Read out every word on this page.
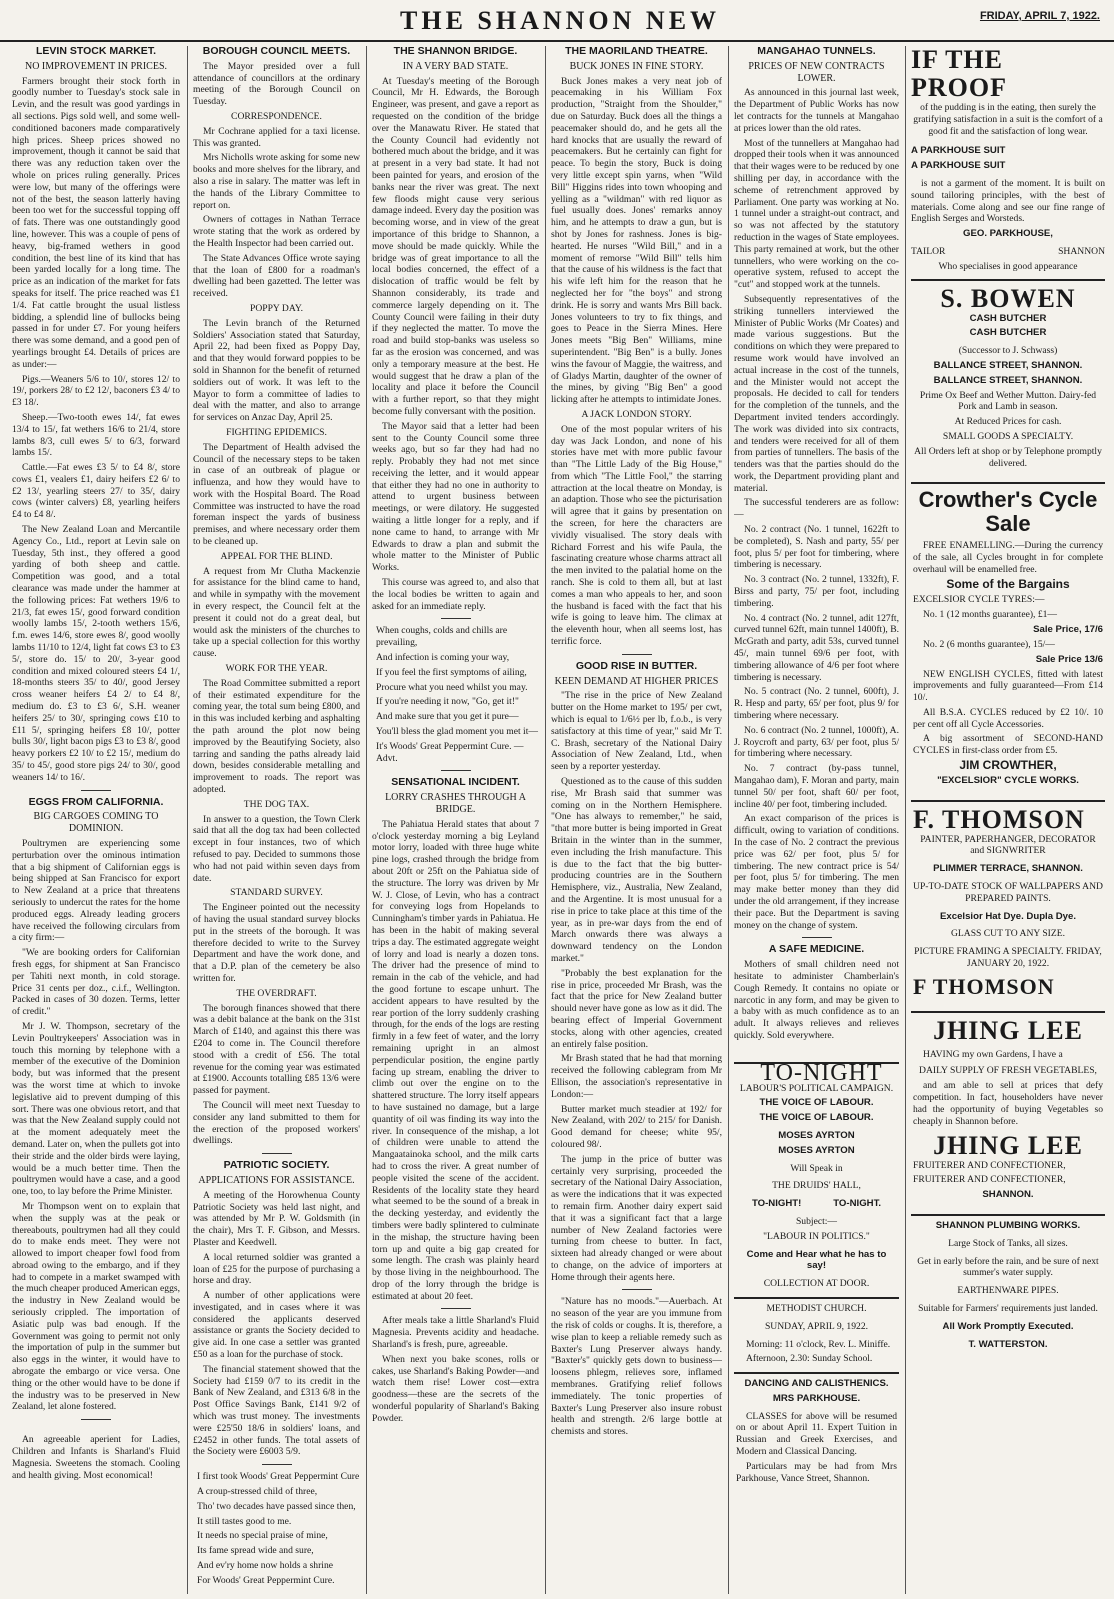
THE SHANNON NEW	FRIDAY, APRIL 7, 1922.

LEVIN STOCK MARKET.

NO IMPROVEMENT IN PRICES.

Farmers brought their stock forth in goodly number to Tuesday's stock sale in Levin, and the result was good yardings in all sections. Pigs sold well, and some well-conditioned baconers made comparatively high prices. Sheep prices showed no improvement, though it cannot be said that there was any reduction taken over the whole on prices ruling generally. Prices were low, but many of the offerings were not of the best, the season latterly having been too wet for the successful topping off of fats. There was one outstandingly good line, however. This was a couple of pens of heavy, big-framed wethers in good condition, the best line of its kind that has been yarded locally for a long time. The price as an indication of the market for fats speaks for itself. The price reached was £1 1/4. Fat cattle brought the usual listless bidding, a splendid line of bullocks being passed in for under £7. For young heifers there was some demand, and a good pen of yearlings brought £4. Details of prices are as under:—

Pigs.—Weaners 5/6 to 10/, stores 12/ to 19/, porkers 28/ to £2 12/, baconers £3 4/ to £3 18/.

Sheep.—Two-tooth ewes 14/, fat ewes 13/4 to 15/, fat wethers 16/6 to 21/4, store lambs 8/3, cull ewes 5/ to 6/3, forward lambs 15/.

Cattle.—Fat ewes £3 5/ to £4 8/, store cows £1, vealers £1, dairy heifers £2 6/ to £2 13/, yearling steers 27/ to 35/, dairy cows (winter calvers) £8, yearling heifers £4 to £4 8/.

The New Zealand Loan and Mercantile Agency Co., Ltd., report at Levin sale on Tuesday, 5th inst., they offered a good yarding of both sheep and cattle. Competition was good, and a total clearance was made under the hammer at the following prices: Fat wethers 19/6 to 21/3, fat ewes 15/, good forward condition woolly lambs 15/, 2-tooth wethers 15/6, f.m. ewes 14/6, store ewes 8/, good woolly lambs 11/10 to 12/4, light fat cows £3 to £3 5/, store do. 15/ to 20/, 3-year good condition and mixed coloured steers £4 1/, 18-months steers 35/ to 40/, good Jersey cross weaner heifers £4 2/ to £4 8/, medium do. £3 to £3 6/, S.H. weaner heifers 25/ to 30/, springing cows £10 to £11 5/, springing heifers £8 10/, potter bulls 30/, light bacon pigs £3 to £3 8/, good heavy porkers £2 10/ to £2 15/, medium do 35/ to 45/, good store pigs 24/ to 30/, good weaners 14/ to 16/.

EGGS FROM CALIFORNIA.

BIG CARGOES COMING TO DOMINION.

Poultrymen are experiencing some perturbation over the ominous intimation that a big shipment of Californian eggs is being shipped at San Francisco for export to New Zealand at a price that threatens seriously to undercut the rates for the home produced eggs. Already leading grocers have received the following circulars from a city firm:—

"We are booking orders for Californian fresh eggs, for shipment at San Francisco per Tahiti next month, in cold storage. Price 31 cents per doz., c.i.f., Wellington. Packed in cases of 30 dozen. Terms, letter of credit."

Mr J. W. Thompson, secretary of the Levin Poultrykeepers' Association was in touch this morning by telephone with a member of the executive of the Dominion body, but was informed that the present was the worst time at which to invoke legislative aid to prevent dumping of this sort. There was one obvious retort, and that was that the New Zealand supply could not at the moment adequately meet the demand. Later on, when the pullets got into their stride and the older birds were laying, would be a much better time. Then the poultrymen would have a case, and a good one, too, to lay before the Prime Minister.

Mr Thompson went on to explain that when the supply was at the peak or thereabouts, poultrymen had all they could do to make ends meet. They were not allowed to import cheaper fowl food from abroad owing to the embargo, and if they had to compete in a market swamped with the much cheaper produced American eggs, the industry in New Zealand would be seriously crippled. The importation of Asiatic pulp was bad enough. If the Government was going to permit not only the importation of pulp in the summer but also eggs in the winter, it would have to abrogate the embargo or vice versa. One thing or the other would have to be done if the industry was to be preserved in New Zealand, let alone fostered.

An agreeable aperient for Ladies, Children and Infants is Sharland's Fluid Magnesia. Sweetens the stomach. Cooling and health giving. Most economical!

BOROUGH COUNCIL MEETS.

The Mayor presided over a full attendance of councillors at the ordinary meeting of the Borough Council on Tuesday.

CORRESPONDENCE.

Mr Cochrane applied for a taxi license. This was granted.

Mrs Nicholls wrote asking for some new books and more shelves for the library, and also a rise in salary. The matter was left in the hands of the Library Committee to report on.

Owners of cottages in Nathan Terrace wrote stating that the work as ordered by the Health Inspector had been carried out.

The State Advances Office wrote saying that the loan of £800 for a roadman's dwelling had been gazetted. The letter was received.

POPPY DAY.

The Levin branch of the Returned Soldiers' Association stated that Saturday, April 22, had been fixed as Poppy Day, and that they would forward poppies to be sold in Shannon for the benefit of returned soldiers out of work. It was left to the Mayor to form a committee of ladies to deal with the matter, and also to arrange for services on Anzac Day, April 25.

FIGHTING EPIDEMICS.

The Department of Health advised the Council of the necessary steps to be taken in case of an outbreak of plague or influenza, and how they would have to work with the Hospital Board. The Road Committee was instructed to have the road foreman inspect the yards of business premises, and where necessary order them to be cleaned up.

APPEAL FOR THE BLIND.

A request from Mr Clutha Mackenzie for assistance for the blind came to hand, and while in sympathy with the movement in every respect, the Council felt at the present it could not do a great deal, but would ask the ministers of the churches to take up a special collection for this worthy cause.

WORK FOR THE YEAR.

The Road Committee submitted a report of their estimated expenditure for the coming year, the total sum being £800, and in this was included kerbing and asphalting the path around the plot now being improved by the Beautifying Society, also tarring and sanding the paths already laid down, besides considerable metalling and improvement to roads. The report was adopted.

THE DOG TAX.

In answer to a question, the Town Clerk said that all the dog tax had been collected except in four instances, two of which refused to pay. Decided to summons those who had not paid within seven days from date.

STANDARD SURVEY.

The Engineer pointed out the necessity of having the usual standard survey blocks put in the streets of the borough. It was therefore decided to write to the Survey Department and have the work done, and that a D.P. plan of the cemetery be also written for.

THE OVERDRAFT.

The borough finances showed that there was a debit balance at the bank on the 31st March of £140, and against this there was £204 to come in. The Council therefore stood with a credit of £56. The total revenue for the coming year was estimated at £1900. Accounts totalling £85 13/6 were passed for payment.

The Council will meet next Tuesday to consider any land submitted to them for the erection of the proposed workers' dwellings.

PATRIOTIC SOCIETY.

APPLICATIONS FOR ASSISTANCE.

A meeting of the Horowhenua County Patriotic Society was held last night, and was attended by Mr P. W. Goldsmith (in the chair), Mrs T. F. Gibson, and Messrs. Plaster and Keedwell.

A local returned soldier was granted a loan of £25 for the purpose of purchasing a horse and dray.

A number of other applications were investigated, and in cases where it was considered the applicants deserved assistance or grants the Society decided to give aid. In one case a settler was granted £50 as a loan for the purchase of stock.

The financial statement showed that the Society had £159 0/7 to its credit in the Bank of New Zealand, and £313 6/8 in the Post Office Savings Bank, £141 9/2 of which was trust money. The investments were £25'50 18/6 in soldiers' loans, and £2452 in other funds. The total assets of the Society were £6003 5/9.

I first took Woods' Great Peppermint Cure

A croup-stressed child of three,

Tho' two decades have passed since then,

It still tastes good to me.

It needs no special praise of mine,

Its fame spread wide and sure,

And ev'ry home now holds a shrine

For Woods' Great Peppermint Cure.

THE SHANNON BRIDGE.

IN A VERY BAD STATE.

At Tuesday's meeting of the Borough Council, Mr H. Edwards, the Borough Engineer, was present, and gave a report as requested on the condition of the bridge over the Manawatu River. He stated that the County Council had evidently not bothered much about the bridge, and it was at present in a very bad state. It had not been painted for years, and erosion of the banks near the river was great. The next few floods might cause very serious damage indeed. Every day the position was becoming worse, and in view of the great importance of this bridge to Shannon, a move should be made quickly. While the bridge was of great importance to all the local bodies concerned, the effect of a dislocation of traffic would be felt by Shannon considerably, its trade and commerce largely depending on it. The County Council were failing in their duty if they neglected the matter. To move the road and build stop-banks was useless so far as the erosion was concerned, and was only a temporary measure at the best. He would suggest that he draw a plan of the locality and place it before the Council with a further report, so that they might become fully conversant with the position.

The Mayor said that a letter had been sent to the County Council some three weeks ago, but so far they had had no reply. Probably they had not met since receiving the letter, and it would appear that either they had no one in authority to attend to urgent business between meetings, or were dilatory. He suggested waiting a little longer for a reply, and if none came to hand, to arrange with Mr Edwards to draw a plan and submit the whole matter to the Minister of Public Works.

This course was agreed to, and also that the local bodies be written to again and asked for an immediate reply.

When coughs, colds and chills are prevailing,

And infection is coming your way,

If you feel the first symptoms of ailing,

Procure what you need whilst you may.

If you're needing it now, "Go, get it!"

And make sure that you get it pure—

You'll bless the glad moment you met it—

It's Woods' Great Peppermint Cure. —Advt.

SENSATIONAL INCIDENT.

LORRY CRASHES THROUGH A BRIDGE.

The Pahiatua Herald states that about 7 o'clock yesterday morning a big Leyland motor lorry, loaded with three huge white pine logs, crashed through the bridge from about 20ft or 25ft on the Pahiatua side of the structure. The lorry was driven by Mr W. J. Close, of Levin, who has a contract for conveying logs from Hopelands to Cunningham's timber yards in Pahiatua. He has been in the habit of making several trips a day. The estimated aggregate weight of lorry and load is nearly a dozen tons. The driver had the presence of mind to remain in the cab of the vehicle, and had the good fortune to escape unhurt. The accident appears to have resulted by the rear portion of the lorry suddenly crashing through, for the ends of the logs are resting firmly in a few feet of water, and the lorry remaining upright in an almost perpendicular position, the engine partly facing up stream, enabling the driver to climb out over the engine on to the shattered structure. The lorry itself appears to have sustained no damage, but a large quantity of oil was finding its way into the river. In consequence of the mishap, a lot of children were unable to attend the Mangaatainoka school, and the milk carts had to cross the river. A great number of people visited the scene of the accident. Residents of the locality state they heard what seemed to be the sound of a break in the decking yesterday, and evidently the timbers were badly splintered to culminate in the mishap, the structure having been torn up and quite a big gap created for some length. The crash was plainly heard by those living in the neighbourhood. The drop of the lorry through the bridge is estimated at about 20 feet.

After meals take a little Sharland's Fluid Magnesia. Prevents acidity and headache. Sharland's is fresh, pure, agreeable.

When next you bake scones, rolls or cakes, use Sharland's Baking Powder—and watch them rise! Lower cost—extra goodness—these are the secrets of the wonderful popularity of Sharland's Baking Powder.

THE MAORILAND THEATRE.

BUCK JONES IN FINE STORY.

Buck Jones makes a very neat job of peacemaking in his William Fox production, "Straight from the Shoulder," due on Saturday. Buck does all the things a peacemaker should do, and he gets all the hard knocks that are usually the reward of peacemakers. But he certainly can fight for peace. To begin the story, Buck is doing very little except spin yarns, when "Wild Bill" Higgins rides into town whooping and yelling as a "wildman" with red liquor as fuel usually does. Jones' remarks annoy him, and he attempts to draw a gun, but is shot by Jones for rashness. Jones is big-hearted. He nurses "Wild Bill," and in a moment of remorse "Wild Bill" tells him that the cause of his wildness is the fact that his wife left him for the reason that he neglected her for "the boys" and strong drink. He is sorry and wants Mrs Bill back. Jones volunteers to try to fix things, and goes to Peace in the Sierra Mines. Here Jones meets "Big Ben" Williams, mine superintendent. "Big Ben" is a bully. Jones wins the favour of Maggie, the waitress, and of Gladys Martin, daughter of the owner of the mines, by giving "Big Ben" a good licking after he attempts to intimidate Jones.

A JACK LONDON STORY.

One of the most popular writers of his day was Jack London, and none of his stories have met with more public favour than "The Little Lady of the Big House," from which "The Little Fool," the starring attraction at the local theatre on Monday, is an adaption. Those who see the picturisation will agree that it gains by presentation on the screen, for here the characters are vividly visualised. The story deals with Richard Forrest and his wife Paula, the fascinating creature whose charms attract all the men invited to the palatial home on the ranch. She is cold to them all, but at last comes a man who appeals to her, and soon the husband is faced with the fact that his wife is going to leave him. The climax at the eleventh hour, when all seems lost, has terrific force.

GOOD RISE IN BUTTER.

KEEN DEMAND AT HIGHER PRICES

"The rise in the price of New Zealand butter on the Home market to 195/ per cwt, which is equal to 1/6½ per lb, f.o.b., is very satisfactory at this time of year," said Mr T. C. Brash, secretary of the National Dairy Association of New Zealand, Ltd., when seen by a reporter yesterday.

Questioned as to the cause of this sudden rise, Mr Brash said that summer was coming on in the Northern Hemisphere. "One has always to remember," he said, "that more butter is being imported in Great Britain in the winter than in the summer, even including the Irish manufacture. This is due to the fact that the big butter-producing countries are in the Southern Hemisphere, viz., Australia, New Zealand, and the Argentine. It is most unusual for a rise in price to take place at this time of the year, as in pre-war days from the end of March onwards there was always a downward tendency on the London market."

"Probably the best explanation for the rise in price, proceeded Mr Brash, was the fact that the price for New Zealand butter should never have gone as low as it did. The bearing effect of Imperial Government stocks, along with other agencies, created an entirely false position.

Mr Brash stated that he had that morning received the following cablegram from Mr Ellison, the association's representative in London:—

Butter market much steadier at 192/ for New Zealand, with 202/ to 215/ for Danish. Good demand for cheese; white 95/, coloured 98/.

The jump in the price of butter was certainly very surprising, proceeded the secretary of the National Dairy Association, as were the indications that it was expected to remain firm. Another dairy expert said that it was a significant fact that a large number of New Zealand factories were turning from cheese to butter. In fact, sixteen had already changed or were about to change, on the advice of importers at Home through their agents here.

"Nature has no moods."—Auerbach. At no season of the year are you immune from the risk of colds or coughs. It is, therefore, a wise plan to keep a reliable remedy such as Baxter's Lung Preserver always handy. "Baxter's" quickly gets down to business—loosens phlegm, relieves sore, inflamed membranes. Gratifying relief follows immediately. The tonic properties of Baxter's Lung Preserver also insure robust health and strength. 2/6 large bottle at chemists and stores.

MANGAHAO TUNNELS.

PRICES OF NEW CONTRACTS LOWER.

As announced in this journal last week, the Department of Public Works has now let contracts for the tunnels at Mangahao at prices lower than the old rates.

Most of the tunnellers at Mangahao had dropped their tools when it was announced that their wages were to be reduced by one shilling per day, in accordance with the scheme of retrenchment approved by Parliament. One party was working at No. 1 tunnel under a straight-out contract, and so was not affected by the statutory reduction in the wages of State employees. This party remained at work, but the other tunnellers, who were working on the co-operative system, refused to accept the "cut" and stopped work at the tunnels.

Subsequently representatives of the striking tunnellers interviewed the Minister of Public Works (Mr Coates) and made various suggestions. But the conditions on which they were prepared to resume work would have involved an actual increase in the cost of the tunnels, and the Minister would not accept the proposals. He decided to call for tenders for the completion of the tunnels, and the Department invited tenders accordingly. The work was divided into six contracts, and tenders were received for all of them from parties of tunnellers. The basis of the tenders was that the parties should do the work, the Department providing plant and material.

The successful tenderers are as follow:—

No. 2 contract (No. 1 tunnel, 1622ft to be completed), S. Nash and party, 55/ per foot, plus 5/ per foot for timbering, where timbering is necessary.

No. 3 contract (No. 2 tunnel, 1332ft), F. Birss and party, 75/ per foot, including timbering.

No. 4 contract (No. 2 tunnel, adit 127ft, curved tunnel 62ft, main tunnel 1400ft), B. McGrath and party, adit 53s, curved tunnel 45/, main tunnel 69/6 per foot, with timbering allowance of 4/6 per foot where timbering is necessary.

No. 5 contract (No. 2 tunnel, 600ft), J. R. Hesp and party, 65/ per foot, plus 9/ for timbering where necessary.

No. 6 contract (No. 2 tunnel, 1000ft), A. J. Roycroft and party, 63/ per foot, plus 5/ for timbering where necessary.

No. 7 contract (by-pass tunnel, Mangahao dam), F. Moran and party, main tunnel 50/ per foot, shaft 60/ per foot, incline 40/ per foot, timbering included.

An exact comparison of the prices is difficult, owing to variation of conditions. In the case of No. 2 contract the previous price was 62/ per foot, plus 5/ for timbering. The new contract price is 54/ per foot, plus 5/ for timbering. The men may make better money than they did under the old arrangement, if they increase their pace. But the Department is saving money on the change of system.

A SAFE MEDICINE.

Mothers of small children need not hesitate to administer Chamberlain's Cough Remedy. It contains no opiate or narcotic in any form, and may be given to a baby with as much confidence as to an adult. It always relieves and relieves quickly. Sold everywhere.

TO-NIGHT

LABOUR'S POLITICAL CAMPAIGN.

THE VOICE OF LABOUR.

THE VOICE OF LABOUR.

MOSES AYRTON

MOSES AYRTON

Will Speak in

THE DRUIDS' HALL,

TO-NIGHT!	TO-NIGHT.

Subject:—

"LABOUR IN POLITICS."

Come and Hear what he has to say!

COLLECTION AT DOOR.

METHODIST CHURCH.

SUNDAY, APRIL 9, 1922.

Morning: 11 o'clock, Rev. L. Miniffe.

Afternoon, 2.30: Sunday School.

DANCING AND CALISTHENICS.

MRS PARKHOUSE.

CLASSES for above will be resumed on or about April 11. Expert Tuition in Russian and Greek Exercises, and Modern and Classical Dancing.

Particulars may be had from Mrs Parkhouse, Vance Street, Shannon.

IF THE PROOF

of the pudding is in the eating, then surely the gratifying satisfaction in a suit is the comfort of a good fit and the satisfaction of long wear.

A PARKHOUSE SUIT

A PARKHOUSE SUIT

is not a garment of the moment. It is built on sound tailoring principles, with the best of materials. Come along and see our fine range of English Serges and Worsteds.

GEO. PARKHOUSE,

TAILOR	SHANNON

Who specialises in good appearance

S. BOWEN

CASH BUTCHER

CASH BUTCHER

(Successor to J. Schwass)

BALLANCE STREET, SHANNON.

BALLANCE STREET, SHANNON.

Prime Ox Beef and Wether Mutton. Dairy-fed Pork and Lamb in season.

At Reduced Prices for cash.

SMALL GOODS A SPECIALTY.

All Orders left at shop or by Telephone promptly delivered.

Crowther's Cycle Sale

FREE ENAMELLING.—During the currency of the sale, all Cycles brought in for complete overhaul will be enamelled free.

Some of the Bargains

EXCELSIOR CYCLE TYRES:—

No. 1 (12 months guarantee), £1—

Sale Price, 17/6

No. 2 (6 months guarantee), 15/—

Sale Price 13/6

NEW ENGLISH CYCLES, fitted with latest improvements and fully guaranteed—From £14 10/.

All B.S.A. CYCLES reduced by £2 10/. 10 per cent off all Cycle Accessories.

A big assortment of SECOND-HAND CYCLES in first-class order from £5.

JIM CROWTHER,

"EXCELSIOR" CYCLE WORKS.

F. THOMSON

PAINTER, PAPERHANGER, DECORATOR and SIGNWRITER

PLIMMER TERRACE, SHANNON.

UP-TO-DATE STOCK OF WALLPAPERS AND PREPARED PAINTS.

Excelsior Hat Dye. Dupla Dye.

GLASS CUT TO ANY SIZE.

PICTURE FRAMING A SPECIALTY. FRIDAY, JANUARY 20, 1922.

F THOMSON
JHING LEE

HAVING my own Gardens, I have a

DAILY SUPPLY OF FRESH VEGETABLES,

and am able to sell at prices that defy competition. In fact, householders have never had the opportunity of buying Vegetables so cheaply in Shannon before.

JHING LEE

FRUITERER AND CONFECTIONER,

FRUITERER AND CONFECTIONER,

SHANNON.

SHANNON PLUMBING WORKS.

Large Stock of Tanks, all sizes.

Get in early before the rain, and be sure of next summer's water supply.

EARTHENWARE PIPES.

Suitable for Farmers' requirements just landed.

All Work Promptly Executed.

T. WATTERSTON.
